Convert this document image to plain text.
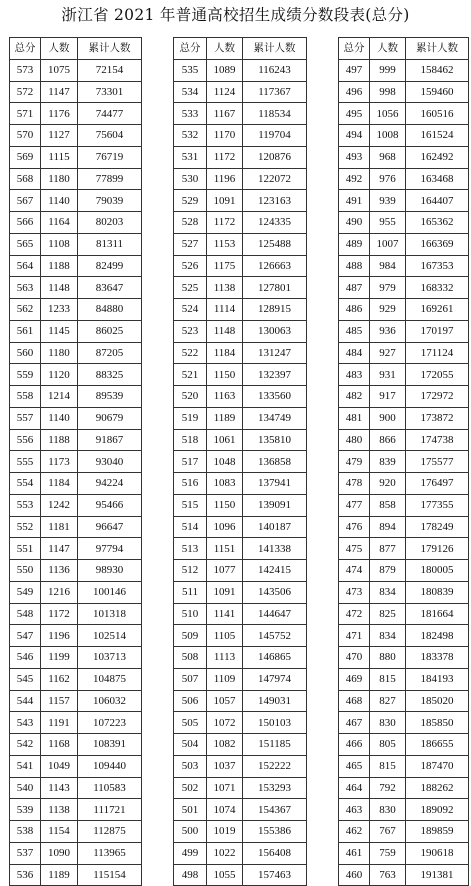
浙江省 2021 年普通高校招生成绩分数段表(总分)
总分	人数	累计人数
573	1075	72154
572	1147	73301
571	1176	74477
570	1127	75604
569	1115	76719
568	1180	77899
567	1140	79039
566	1164	80203
565	1108	81311
564	1188	82499
563	1148	83647
562	1233	84880
561	1145	86025
560	1180	87205
559	1120	88325
558	1214	89539
557	1140	90679
556	1188	91867
555	1173	93040
554	1184	94224
553	1242	95466
552	1181	96647
551	1147	97794
550	1136	98930
549	1216	100146
548	1172	101318
547	1196	102514
546	1199	103713
545	1162	104875
544	1157	106032
543	1191	107223
542	1168	108391
541	1049	109440
540	1143	110583
539	1138	111721
538	1154	112875
537	1090	113965
536	1189	115154
总分	人数	累计人数
535	1089	116243
534	1124	117367
533	1167	118534
532	1170	119704
531	1172	120876
530	1196	122072
529	1091	123163
528	1172	124335
527	1153	125488
526	1175	126663
525	1138	127801
524	1114	128915
523	1148	130063
522	1184	131247
521	1150	132397
520	1163	133560
519	1189	134749
518	1061	135810
517	1048	136858
516	1083	137941
515	1150	139091
514	1096	140187
513	1151	141338
512	1077	142415
511	1091	143506
510	1141	144647
509	1105	145752
508	1113	146865
507	1109	147974
506	1057	149031
505	1072	150103
504	1082	151185
503	1037	152222
502	1071	153293
501	1074	154367
500	1019	155386
499	1022	156408
498	1055	157463
总分	人数	累计人数
497	999	158462
496	998	159460
495	1056	160516
494	1008	161524
493	968	162492
492	976	163468
491	939	164407
490	955	165362
489	1007	166369
488	984	167353
487	979	168332
486	929	169261
485	936	170197
484	927	171124
483	931	172055
482	917	172972
481	900	173872
480	866	174738
479	839	175577
478	920	176497
477	858	177355
476	894	178249
475	877	179126
474	879	180005
473	834	180839
472	825	181664
471	834	182498
470	880	183378
469	815	184193
468	827	185020
467	830	185850
466	805	186655
465	815	187470
464	792	188262
463	830	189092
462	767	189859
461	759	190618
460	763	191381
